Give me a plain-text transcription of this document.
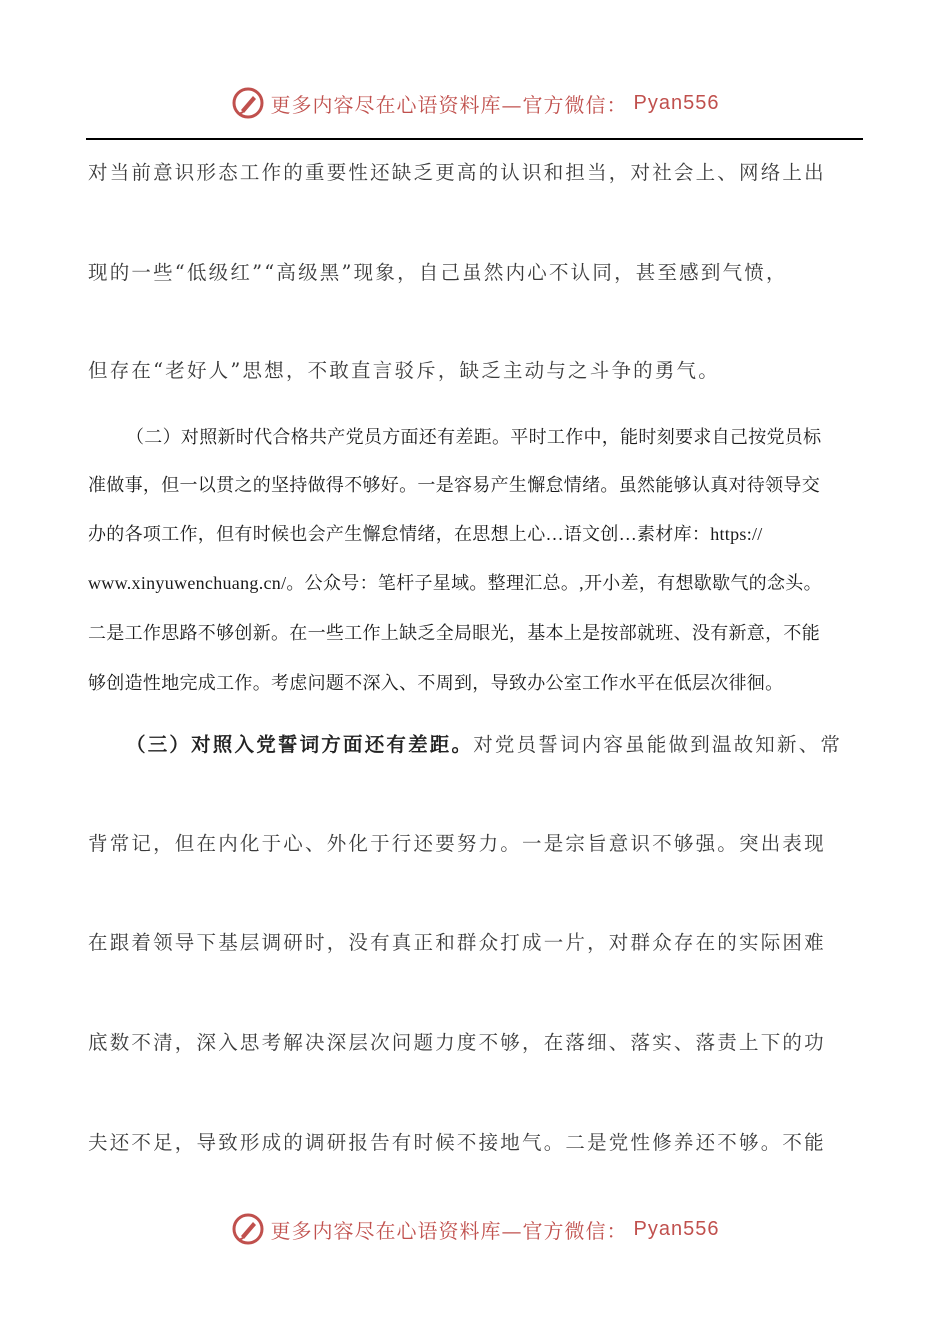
更多内容尽在心语资料库—官方微信： Pyan556
对当前意识形态工作的重要性还缺乏更高的认识和担当，对社会上、网络上出
现的一些“低级红”“高级黑”现象，自己虽然内心不认同，甚至感到气愤，
但存在“老好人”思想，不敢直言驳斥，缺乏主动与之斗争的勇气。
（二）对照新时代合格共产党员方面还有差距。平时工作中，能时刻要求自己按党员标
准做事，但一以贯之的坚持做得不够好。一是容易产生懈怠情绪。虽然能够认真对待领导交
办的各项工作，但有时候也会产生懈怠情绪，在思想上心…语文创…素材库：https://
www.xinyuwenchuang.cn/。公众号：笔杆子星域。整理汇总。,开小差，有想歇歇气的念头。
二是工作思路不够创新。在一些工作上缺乏全局眼光，基本上是按部就班、没有新意，不能
够创造性地完成工作。考虑问题不深入、不周到，导致办公室工作水平在低层次徘徊。
（三）对照入党誓词方面还有差距。对党员誓词内容虽能做到温故知新、常
背常记，但在内化于心、外化于行还要努力。一是宗旨意识不够强。突出表现
在跟着领导下基层调研时，没有真正和群众打成一片，对群众存在的实际困难
底数不清，深入思考解决深层次问题力度不够，在落细、落实、落责上下的功
夫还不足，导致形成的调研报告有时候不接地气。二是党性修养还不够。不能
更多内容尽在心语资料库—官方微信： Pyan556
